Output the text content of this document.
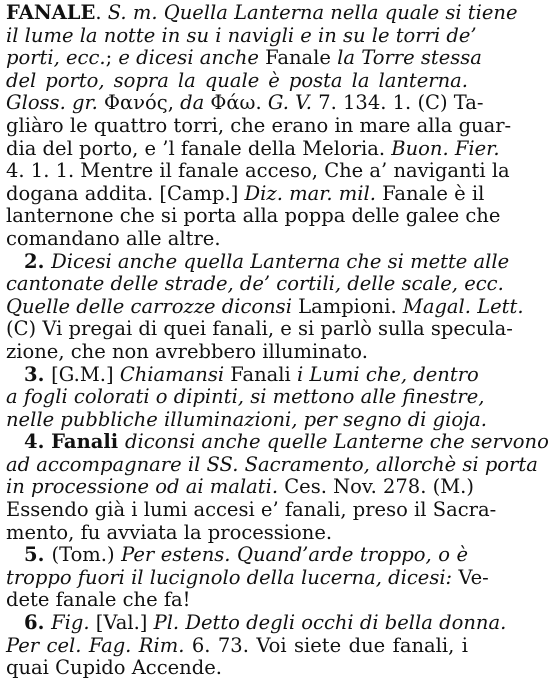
FANALE. S. m. Quella Lanterna nella quale si tiene
il lume la notte in su i navigli e in su le torri de’
porti, ecc.; e dicesi anche Fanale la Torre stessa
del porto, sopra la quale è posta la lanterna.
Gloss. gr. Φανός, da Φάω. G. V. 7. 134. 1. (C) Ta-
gliàro le quattro torri, che erano in mare alla guar-
dia del porto, e ’l fanale della Meloria. Buon. Fier.
4. 1. 1. Mentre il fanale acceso, Che a’ naviganti la
dogana addita. [Camp.] Diz. mar. mil. Fanale è il
lanternone che si porta alla poppa delle galee che
comandano alle altre.
2. Dicesi anche quella Lanterna che si mette alle
cantonate delle strade, de’ cortili, delle scale, ecc.
Quelle delle carrozze diconsi Lampioni. Magal. Lett.
(C) Vi pregai di quei fanali, e si parlò sulla specula-
zione, che non avrebbero illuminato.
3. [G.M.] Chiamansi Fanali i Lumi che, dentro
a fogli colorati o dipinti, si mettono alle finestre,
nelle pubbliche illuminazioni, per segno di gioja.
4. Fanali diconsi anche quelle Lanterne che servono
ad accompagnare il SS. Sacramento, allorchè si porta
in processione od ai malati. Ces. Nov. 278. (M.)
Essendo già i lumi accesi e’ fanali, preso il Sacra-
mento, fu avviata la processione.
5. (Tom.) Per estens. Quand’arde troppo, o è
troppo fuori il lucignolo della lucerna, dicesi: Ve-
dete fanale che fa!
6. Fig. [Val.] Pl. Detto degli occhi di bella donna.
Per cel. Fag. Rim. 6. 73. Voi siete due fanali, i
quai Cupido Accende.
